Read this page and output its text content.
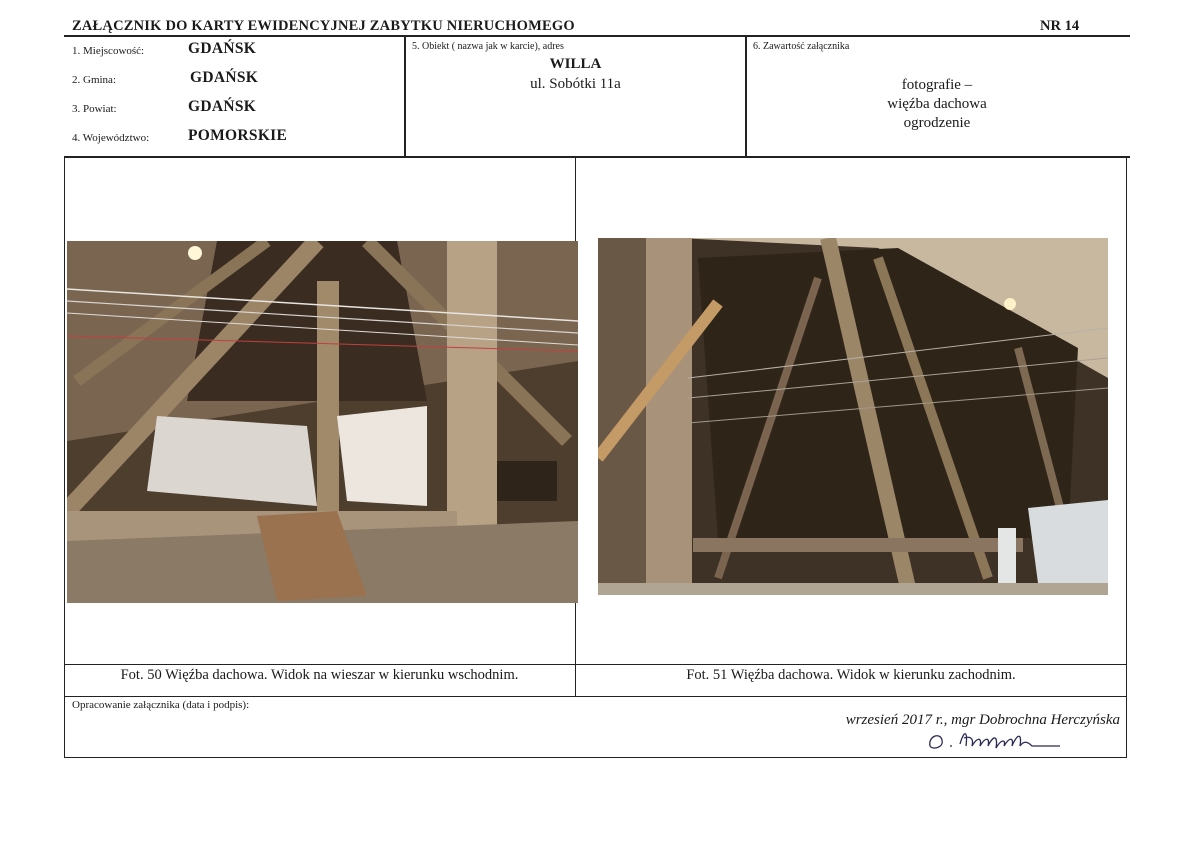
ZAŁĄCZNIK DO KARTY EWIDENCYJNEJ ZABYTKU NIERUCHOMEGO	NR 14
1. Miejscowość:	GDAŃSK
2. Gmina:	GDAŃSK
3. Powiat:	GDAŃSK
4. Województwo:	POMORSKIE
5. Obiekt ( nazwa jak w karcie), adres
WILLA
ul. Sobótki 11a
6. Zawartość załącznika
fotografie –
więźba dachowa
ogrodzenie
Fot. 50 Więźba dachowa. Widok na wieszar w kierunku wschodnim.	Fot. 51 Więźba dachowa. Widok w kierunku zachodnim.
Opracowanie załącznika (data i podpis):
wrzesień 2017 r., mgr Dobrochna Herczyńska
